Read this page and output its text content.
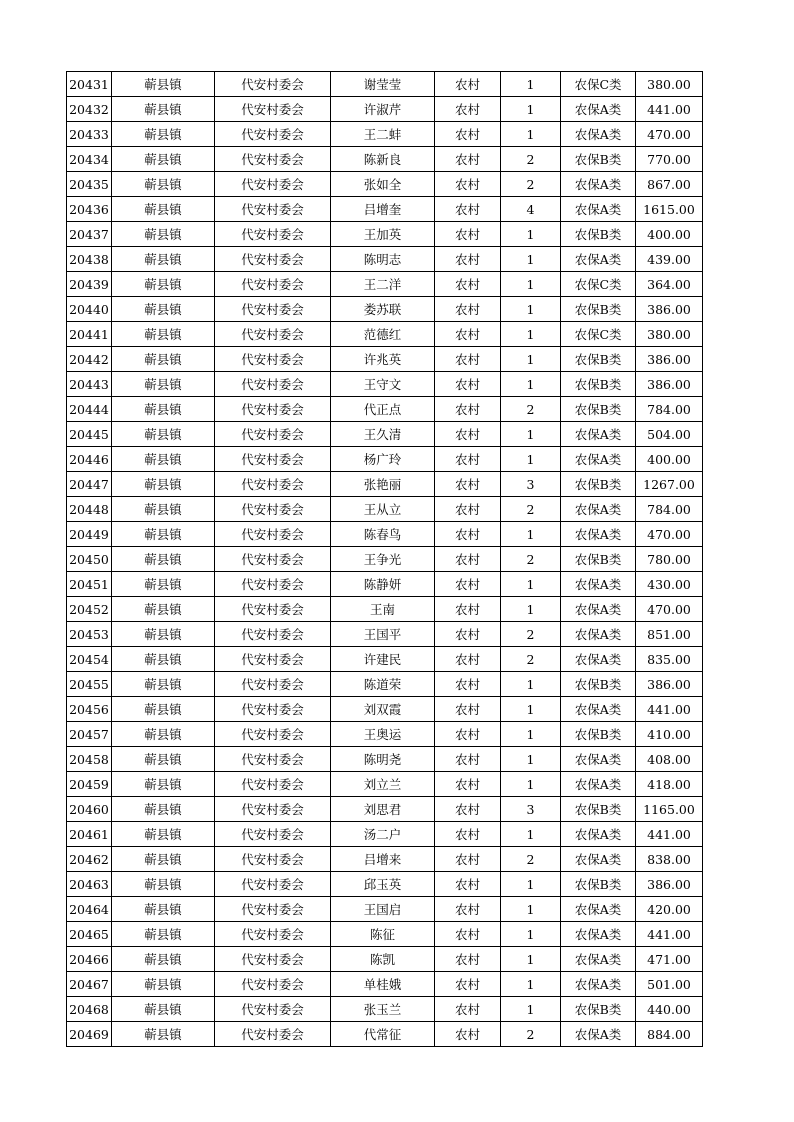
20431	蕲县镇	代安村委会	谢莹莹	农村	1	农保C类	380.00
20432	蕲县镇	代安村委会	许淑芹	农村	1	农保A类	441.00
20433	蕲县镇	代安村委会	王二蚌	农村	1	农保A类	470.00
20434	蕲县镇	代安村委会	陈新良	农村	2	农保B类	770.00
20435	蕲县镇	代安村委会	张如全	农村	2	农保A类	867.00
20436	蕲县镇	代安村委会	吕增奎	农村	4	农保A类	1615.00
20437	蕲县镇	代安村委会	王加英	农村	1	农保B类	400.00
20438	蕲县镇	代安村委会	陈明志	农村	1	农保A类	439.00
20439	蕲县镇	代安村委会	王二洋	农村	1	农保C类	364.00
20440	蕲县镇	代安村委会	娄苏联	农村	1	农保B类	386.00
20441	蕲县镇	代安村委会	范德红	农村	1	农保C类	380.00
20442	蕲县镇	代安村委会	许兆英	农村	1	农保B类	386.00
20443	蕲县镇	代安村委会	王守文	农村	1	农保B类	386.00
20444	蕲县镇	代安村委会	代正点	农村	2	农保B类	784.00
20445	蕲县镇	代安村委会	王久清	农村	1	农保A类	504.00
20446	蕲县镇	代安村委会	杨广玲	农村	1	农保A类	400.00
20447	蕲县镇	代安村委会	张艳丽	农村	3	农保B类	1267.00
20448	蕲县镇	代安村委会	王从立	农村	2	农保A类	784.00
20449	蕲县镇	代安村委会	陈春鸟	农村	1	农保A类	470.00
20450	蕲县镇	代安村委会	王争光	农村	2	农保B类	780.00
20451	蕲县镇	代安村委会	陈静妍	农村	1	农保A类	430.00
20452	蕲县镇	代安村委会	王南	农村	1	农保A类	470.00
20453	蕲县镇	代安村委会	王国平	农村	2	农保A类	851.00
20454	蕲县镇	代安村委会	许建民	农村	2	农保A类	835.00
20455	蕲县镇	代安村委会	陈道荣	农村	1	农保B类	386.00
20456	蕲县镇	代安村委会	刘双霞	农村	1	农保A类	441.00
20457	蕲县镇	代安村委会	王奥运	农村	1	农保B类	410.00
20458	蕲县镇	代安村委会	陈明尧	农村	1	农保A类	408.00
20459	蕲县镇	代安村委会	刘立兰	农村	1	农保A类	418.00
20460	蕲县镇	代安村委会	刘思君	农村	3	农保B类	1165.00
20461	蕲县镇	代安村委会	汤二户	农村	1	农保A类	441.00
20462	蕲县镇	代安村委会	吕增来	农村	2	农保A类	838.00
20463	蕲县镇	代安村委会	邱玉英	农村	1	农保B类	386.00
20464	蕲县镇	代安村委会	王国启	农村	1	农保A类	420.00
20465	蕲县镇	代安村委会	陈征	农村	1	农保A类	441.00
20466	蕲县镇	代安村委会	陈凯	农村	1	农保A类	471.00
20467	蕲县镇	代安村委会	单桂娥	农村	1	农保A类	501.00
20468	蕲县镇	代安村委会	张玉兰	农村	1	农保B类	440.00
20469	蕲县镇	代安村委会	代常征	农村	2	农保A类	884.00
